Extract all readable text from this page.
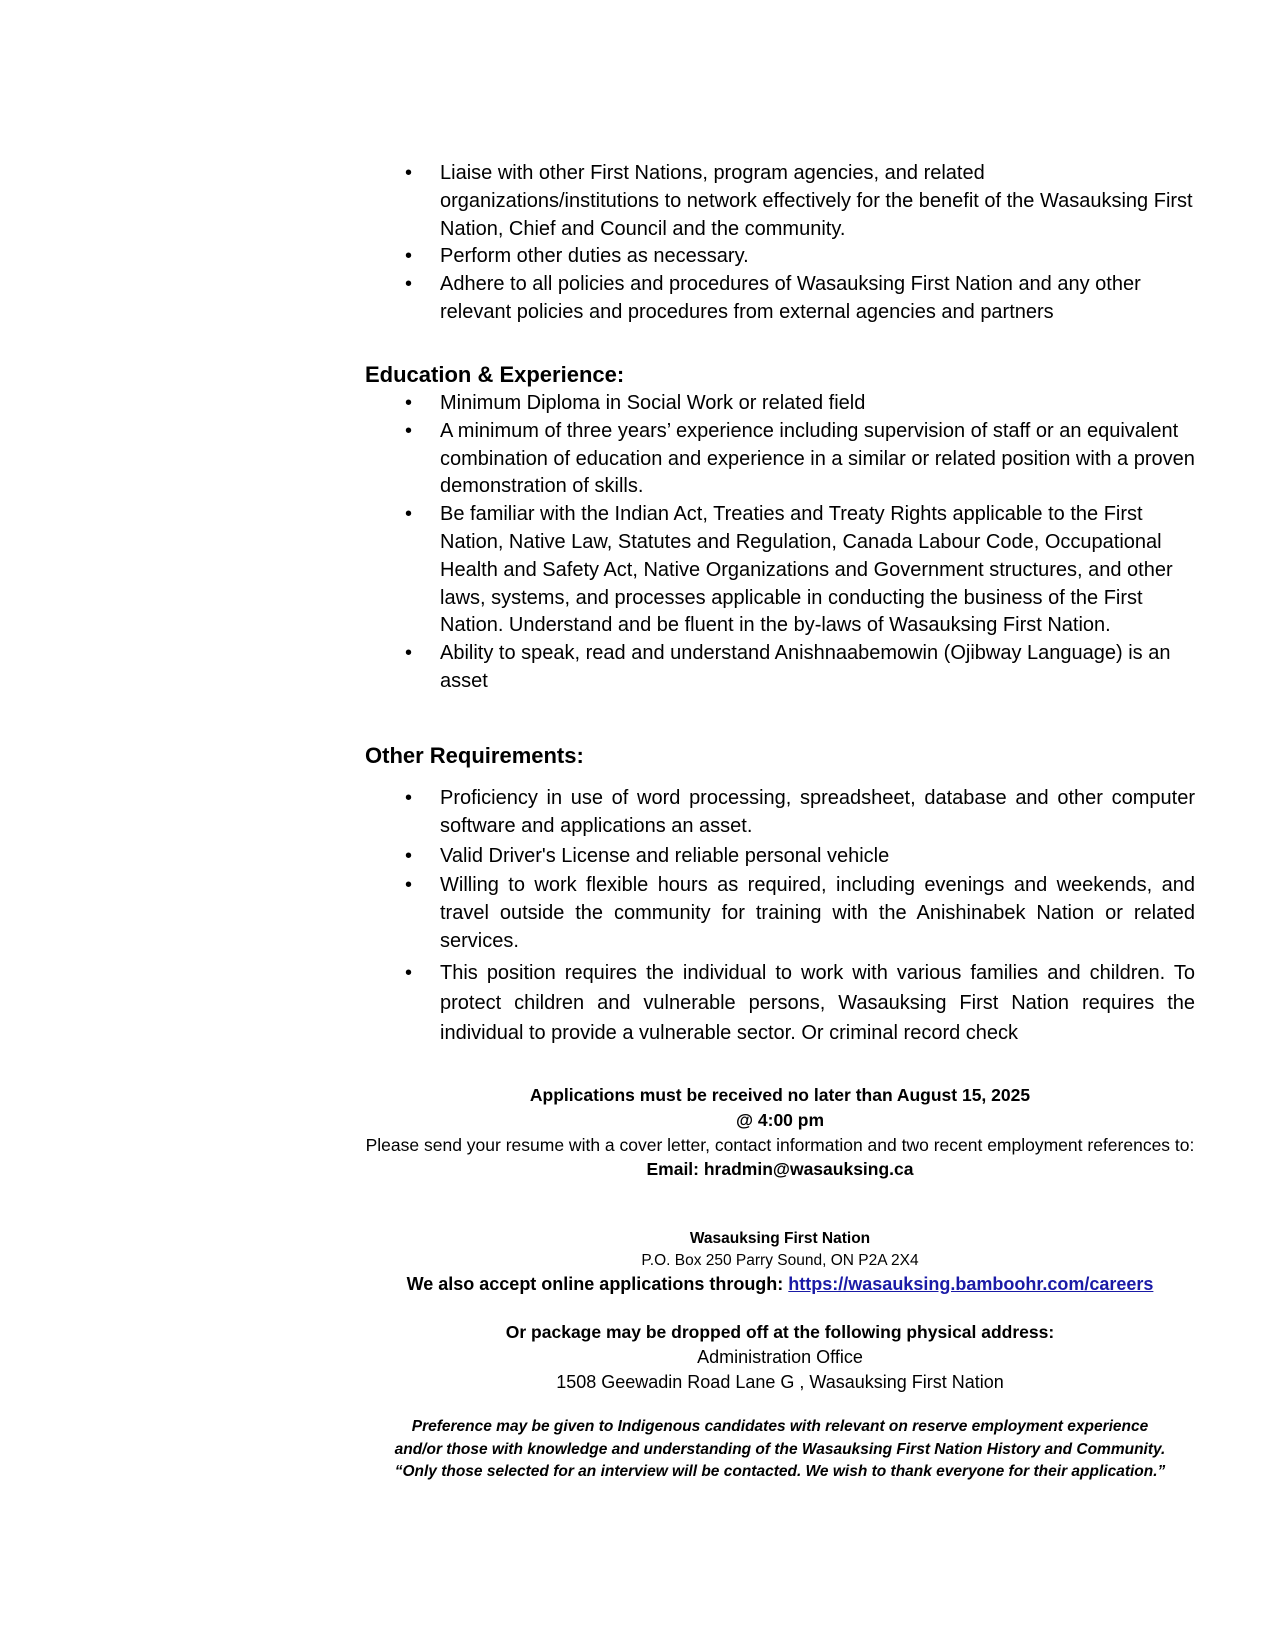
•	Liaise with other First Nations, program agencies, and related organizations/institutions to network effectively for the benefit of the Wasauksing First Nation, Chief and Council and the community.
•	Perform other duties as necessary.
•	Adhere to all policies and procedures of Wasauksing First Nation and any other relevant policies and procedures from external agencies and partners

Education & Experience:

•	Minimum Diploma in Social Work or related field
•	A minimum of three years’ experience including supervision of staff or an equivalent combination of education and experience in a similar or related position with a proven demonstration of skills.
•	Be familiar with the Indian Act, Treaties and Treaty Rights applicable to the First Nation, Native Law, Statutes and Regulation, Canada Labour Code, Occupational Health and Safety Act, Native Organizations and Government structures, and other laws, systems, and processes applicable in conducting the business of the First Nation. Understand and be fluent in the by-laws of Wasauksing First Nation.
•	Ability to speak, read and understand Anishnaabemowin (Ojibway Language) is an asset

Other Requirements:

•	Proficiency in use of word processing, spreadsheet, database and other computer software and applications an asset.
•	Valid Driver's License and reliable personal vehicle
•	Willing to work flexible hours as required, including evenings and weekends, and travel outside the community for training with the Anishinabek Nation or related services.
•	This position requires the individual to work with various families and children. To protect children and vulnerable persons, Wasauksing First Nation requires the individual to provide a vulnerable sector. Or criminal record check

Applications must be received no later than August 15, 2025

@ 4:00 pm

Please send your resume with a cover letter, contact information and two recent employment references to:

Email: hradmin@wasauksing.ca

Wasauksing First Nation

P.O. Box 250 Parry Sound, ON P2A 2X4

We also accept online applications through: https://wasauksing.bamboohr.com/careers

Or package may be dropped off at the following physical address:

Administration Office

1508 Geewadin Road Lane G , Wasauksing First Nation

Preference may be given to Indigenous candidates with relevant on reserve employment experience

and/or those with knowledge and understanding of the Wasauksing First Nation History and Community.

“Only those selected for an interview will be contacted. We wish to thank everyone for their application.”
